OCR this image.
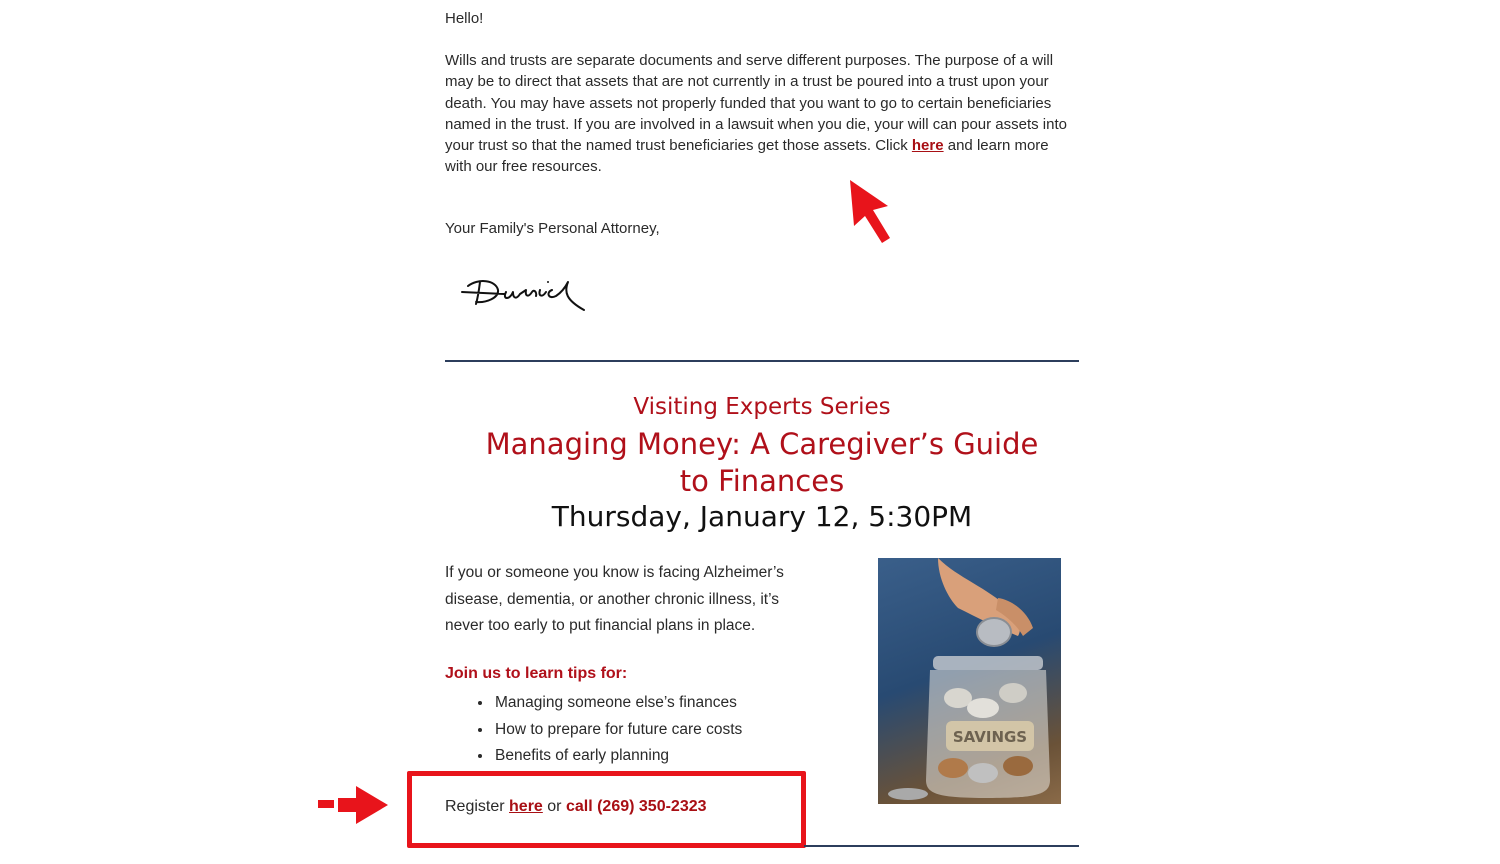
Hello!
Wills and trusts are separate documents and serve different purposes. The purpose of a will may be to direct that assets that are not currently in a trust be poured into a trust upon your death. You may have assets not properly funded that you want to go to certain beneficiaries named in the trust. If you are involved in a lawsuit when you die, your will can pour assets into your trust so that the named trust beneficiaries get those assets. Click here and learn more with our free resources.
Your Family's Personal Attorney,
Visiting Experts Series
Managing Money: A Caregiver’s Guide to Finances
Thursday, January 12, 5:30PM
If you or someone you know is facing Alzheimer’s disease, dementia, or another chronic illness, it’s never too early to put financial plans in place.
Join us to learn tips for:
• Managing someone else’s finances
• How to prepare for future care costs
• Benefits of early planning
SAVINGS
Register here or call (269) 350-2323
